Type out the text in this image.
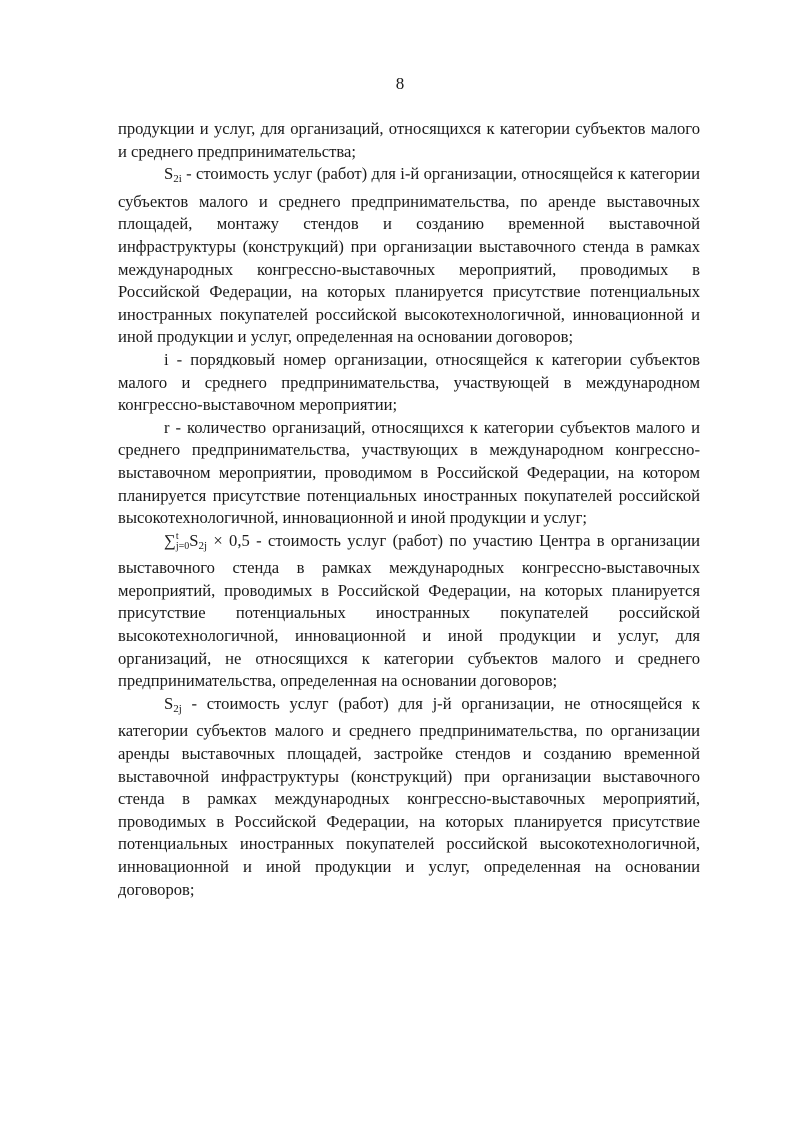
8

продукции и услуг, для организаций, относящихся к категории субъектов малого и среднего предпринимательства;

$S_{2i}$ - стоимость услуг (работ) для i-й организации, относящейся к категории субъектов малого и среднего предпринимательства, по аренде выставочных площадей, монтажу стендов и созданию временной выставочной инфраструктуры (конструкций) при организации выставочного стенда в рамках международных конгрессно-выставочных мероприятий, проводимых в Российской Федерации, на которых планируется присутствие потенциальных иностранных покупателей российской высокотехнологичной, инновационной и иной продукции и услуг, определенная на основании договоров;

i - порядковый номер организации, относящейся к категории субъектов малого и среднего предпринимательства, участвующей в международном конгрессно-выставочном мероприятии;

r - количество организаций, относящихся к категории субъектов малого и среднего предпринимательства, участвующих в международном конгрессно-выставочном мероприятии, проводимом в Российской Федерации, на котором планируется присутствие потенциальных иностранных покупателей российской высокотехнологичной, инновационной и иной продукции и услуг;

∑ t
j=0 $S_{2j} \times 0,5$ - стоимость услуг (работ) по участию Центра в организации выставочного стенда в рамках международных конгрессно-выставочных мероприятий, проводимых в Российской Федерации, на которых планируется присутствие потенциальных иностранных покупателей российской высокотехнологичной, инновационной и иной продукции и услуг, для организаций, не относящихся к категории субъектов малого и среднего предпринимательства, определенная на основании договоров;

$S_{2j}$ - стоимость услуг (работ) для j-й организации, не относящейся к категории субъектов малого и среднего предпринимательства, по организации аренды выставочных площадей, застройке стендов и созданию временной выставочной инфраструктуры (конструкций) при организации выставочного стенда в рамках международных конгрессно-выставочных мероприятий, проводимых в Российской Федерации, на которых планируется присутствие потенциальных иностранных покупателей российской высокотехнологичной, инновационной и иной продукции и услуг, определенная на основании договоров;
